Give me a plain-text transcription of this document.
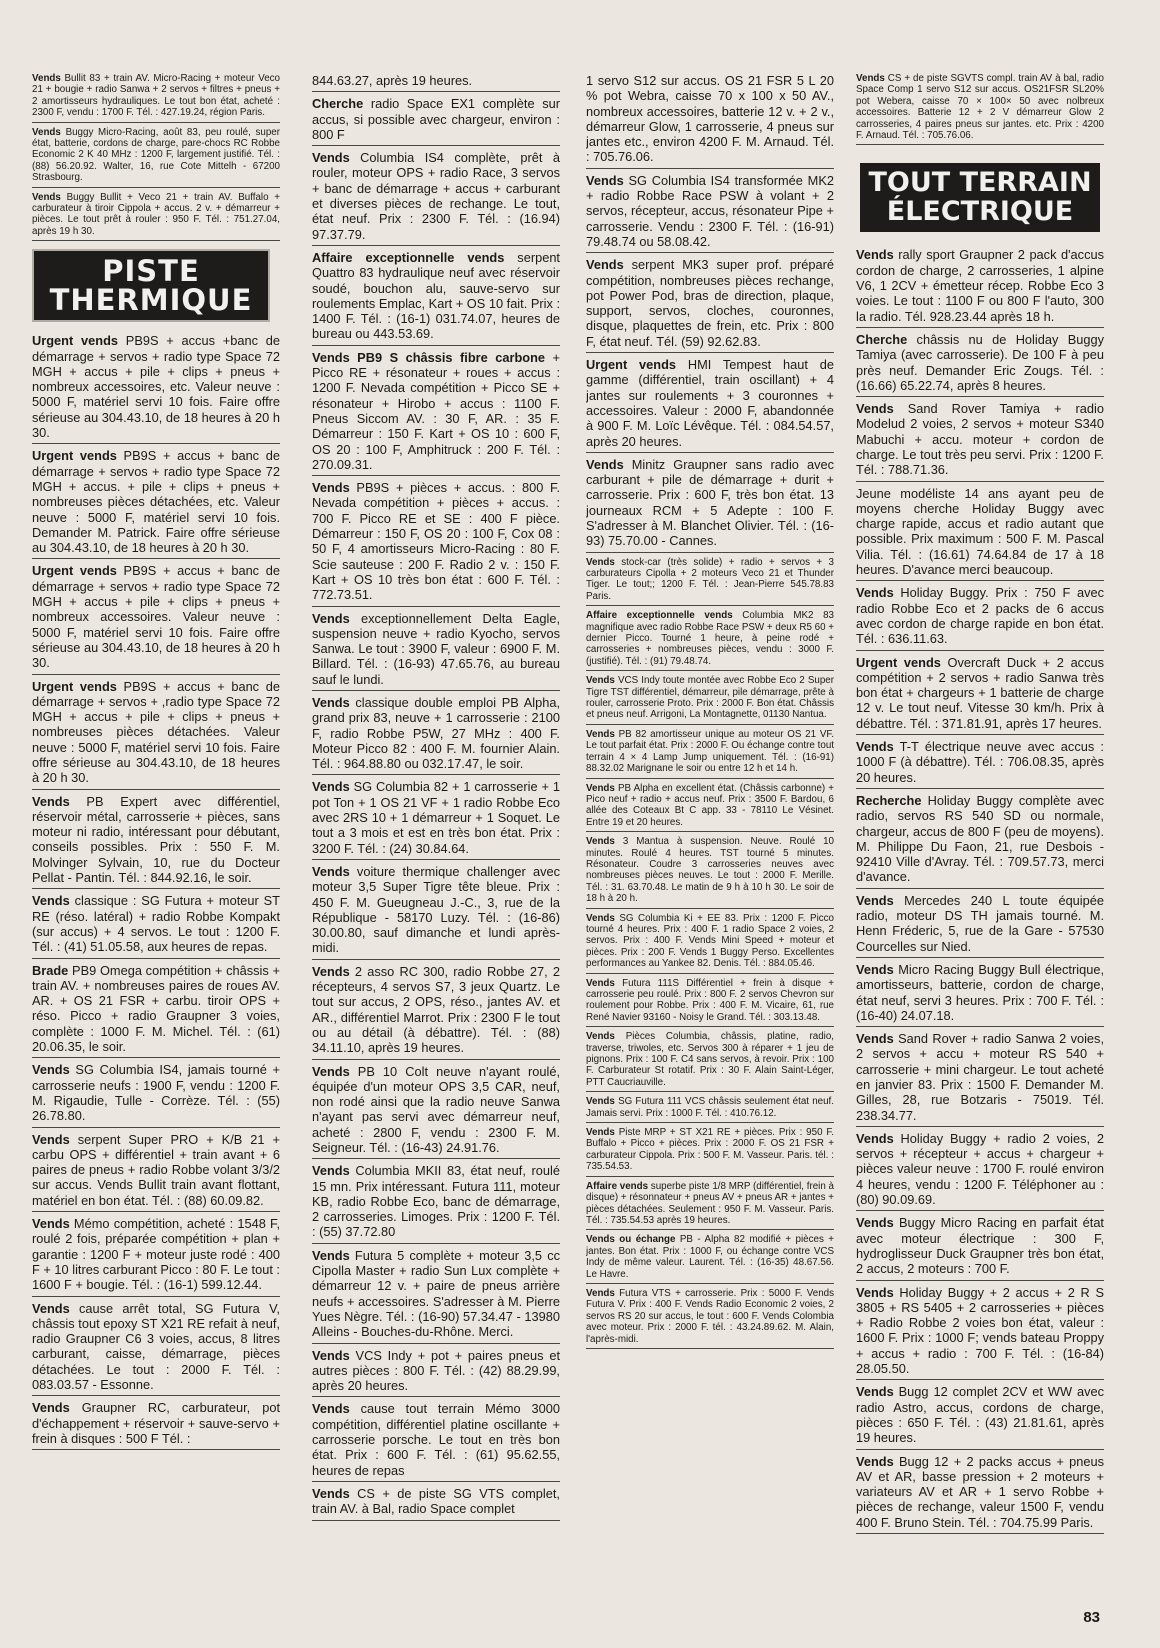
Vends Bullit 83 + train AV. Micro-Racing + moteur Veco 21 + bougie + radio Sanwa + 2 servos + filtres + pneus + 2 amortisseurs hydrauliques. Le tout bon état, acheté : 2300 F, vendu : 1700 F. Tél. : 427.19.24, région Paris.
Vends Buggy Micro-Racing, août 83, peu roulé, super état, batterie, cordons de charge, pare-chocs RC Robbe Economic 2 K 40 MHz : 1200 F, largement justifié. Tél. : (88) 56.20.92. Walter, 16, rue Cote Mittelh - 67200 Strasbourg.
Vends Buggy Bullit + Veco 21 + train AV. Buffalo + carburateur à tiroir Cippola + accus. 2 v. + démarreur + pièces. Le tout prêt à rouler : 950 F. Tél. : 751.27.04, après 19 h 30.
PISTE
THERMIQUE
Urgent vends PB9S + accus +banc de démarrage + servos + radio type Space 72 MGH + accus + pile + clips + pneus + nombreux accessoires, etc. Valeur neuve : 5000 F, matériel servi 10 fois. Faire offre sérieuse au 304.43.10, de 18 heures à 20 h 30.
Urgent vends PB9S + accus + banc de démarrage + servos + radio type Space 72 MGH + accus. + pile + clips + pneus + nombreuses pièces détachées, etc. Valeur neuve : 5000 F, matériel servi 10 fois. Demander M. Patrick. Faire offre sérieuse au 304.43.10, de 18 heures à 20 h 30.
Urgent vends PB9S + accus + banc de démarrage + servos + radio type Space 72 MGH + accus + pile + clips + pneus + nombreux accessoires. Valeur neuve : 5000 F, matériel servi 10 fois. Faire offre sérieuse au 304.43.10, de 18 heures à 20 h 30.
Urgent vends PB9S + accus + banc de démarrage + servos + ,radio type Space 72 MGH + accus + pile + clips + pneus + nombreuses pièces détachées. Valeur neuve : 5000 F, matériel servi 10 fois. Faire offre sérieuse au 304.43.10, de 18 heures à 20 h 30.
Vends PB Expert avec différentiel, réservoir métal, carrosserie + pièces, sans moteur ni radio, intéressant pour débutant, conseils possibles. Prix : 550 F. M. Molvinger Sylvain, 10, rue du Docteur Pellat - Pantin. Tél. : 844.92.16, le soir.
Vends classique : SG Futura + moteur ST RE (réso. latéral) + radio Robbe Kompakt (sur accus) + 4 servos. Le tout : 1200 F. Tél. : (41) 51.05.58, aux heures de repas.
Brade PB9 Omega compétition + châssis + train AV. + nombreuses paires de roues AV. AR. + OS 21 FSR + carbu. tiroir OPS + réso. Picco + radio Graupner 3 voies, complète : 1000 F. M. Michel. Tél. : (61) 20.06.35, le soir.
Vends SG Columbia IS4, jamais tourné + carrosserie neufs : 1900 F, vendu : 1200 F. M. Rigaudie, Tulle - Corrèze. Tél. : (55) 26.78.80.
Vends serpent Super PRO + K/B 21 + carbu OPS + différentiel + train avant + 6 paires de pneus + radio Robbe volant 3/3/2 sur accus. Vends Bullit train avant flottant, matériel en bon état. Tél. : (88) 60.09.82.
Vends Mémo compétition, acheté : 1548 F, roulé 2 fois, préparée compétition + plan + garantie : 1200 F + moteur juste rodé : 400 F + 10 litres carburant Picco : 80 F. Le tout : 1600 F + bougie. Tél. : (16-1) 599.12.44.
Vends cause arrêt total, SG Futura V, châssis tout epoxy ST X21 RE refait à neuf, radio Graupner C6 3 voies, accus, 8 litres carburant, caisse, démarrage, pièces détachées. Le tout : 2000 F. Tél. : 083.03.57 - Essonne.
Vends Graupner RC, carburateur, pot d'échappement + réservoir + sauve-servo + frein à disques : 500 F Tél. :
844.63.27, après 19 heures.
Cherche radio Space EX1 complète sur accus, si possible avec chargeur, environ : 800 F
Vends Columbia IS4 complète, prêt à rouler, moteur OPS + radio Race, 3 servos + banc de démarrage + accus + carburant et diverses pièces de rechange. Le tout, état neuf. Prix : 2300 F. Tél. : (16.94) 97.37.79.
Affaire exceptionnelle vends serpent Quattro 83 hydraulique neuf avec réservoir soudé, bouchon alu, sauve-servo sur roulements Emplac, Kart + OS 10 fait. Prix : 1400 F. Tél. : (16-1) 031.74.07, heures de bureau ou 443.53.69.
Vends PB9 S châssis fibre carbone + Picco RE + résonateur + roues + accus : 1200 F. Nevada compétition + Picco SE + résonateur + Hirobo + accus : 1100 F. Pneus Siccom AV. : 30 F, AR. : 35 F. Démarreur : 150 F. Kart + OS 10 : 600 F, OS 20 : 100 F, Amphitruck : 200 F. Tél. : 270.09.31.
Vends PB9S + pièces + accus. : 800 F. Nevada compétition + pièces + accus. : 700 F. Picco RE et SE : 400 F pièce. Démarreur : 150 F, OS 20 : 100 F, Cox 08 : 50 F, 4 amortisseurs Micro-Racing : 80 F. Scie sauteuse : 200 F. Radio 2 v. : 150 F. Kart + OS 10 très bon état : 600 F. Tél. : 772.73.51.
Vends exceptionnellement Delta Eagle, suspension neuve + radio Kyocho, servos Sanwa. Le tout : 3900 F, valeur : 6900 F. M. Billard. Tél. : (16-93) 47.65.76, au bureau sauf le lundi.
Vends classique double emploi PB Alpha, grand prix 83, neuve + 1 carrosserie : 2100 F, radio Robbe P5W, 27 MHz : 400 F. Moteur Picco 82 : 400 F. M. fournier Alain. Tél. : 964.88.80 ou 032.17.47, le soir.
Vends SG Columbia 82 + 1 carrosserie + 1 pot Ton + 1 OS 21 VF + 1 radio Robbe Eco avec 2RS 10 + 1 démarreur + 1 Soquet. Le tout a 3 mois et est en très bon état. Prix : 3200 F. Tél. : (24) 30.84.64.
Vends voiture thermique challenger avec moteur 3,5 Super Tigre tête bleue. Prix : 450 F. M. Gueugneau J.-C., 3, rue de la République - 58170 Luzy. Tél. : (16-86) 30.00.80, sauf dimanche et lundi après-midi.
Vends 2 asso RC 300, radio Robbe 27, 2 récepteurs, 4 servos S7, 3 jeux Quartz. Le tout sur accus, 2 OPS, réso., jantes AV. et AR., différentiel Marrot. Prix : 2300 F le tout ou au détail (à débattre). Tél. : (88) 34.11.10, après 19 heures.
Vends PB 10 Colt neuve n'ayant roulé, équipée d'un moteur OPS 3,5 CAR, neuf, non rodé ainsi que la radio neuve Sanwa n'ayant pas servi avec démarreur neuf, acheté : 2800 F, vendu : 2300 F. M. Seigneur. Tél. : (16-43) 24.91.76.
Vends Columbia MKII 83, état neuf, roulé 15 mn. Prix intéressant. Futura 111, moteur KB, radio Robbe Eco, banc de démarrage, 2 carrosseries. Limoges. Prix : 1200 F. Tél. : (55) 37.72.80
Vends Futura 5 complète + moteur 3,5 cc Cipolla Master + radio Sun Lux complète + démarreur 12 v. + paire de pneus arrière neufs + accessoires. S'adresser à M. Pierre Yues Nègre. Tél. : (16-90) 57.34.47 - 13980 Alleins - Bouches-du-Rhône. Merci.
Vends VCS Indy + pot + paires pneus et autres pièces : 800 F. Tél. : (42) 88.29.99, après 20 heures.
Vends cause tout terrain Mémo 3000 compétition, différentiel platine oscillante + carrosserie porsche. Le tout en très bon état. Prix : 600 F. Tél. : (61) 95.62.55, heures de repas
Vends CS + de piste SG VTS complet, train AV. à Bal, radio Space complet
1 servo S12 sur accus. OS 21 FSR 5 L 20 % pot Webra, caisse 70 x 100 x 50 AV., nombreux accessoires, batterie 12 v. + 2 v., démarreur Glow, 1 carrosserie, 4 pneus sur jantes etc., environ 4200 F. M. Arnaud. Tél. : 705.76.06.
Vends SG Columbia IS4 transformée MK2 + radio Robbe Race PSW à volant + 2 servos, récepteur, accus, résonateur Pipe + carrosserie. Vendu : 2300 F. Tél. : (16-91) 79.48.74 ou 58.08.42.
Vends serpent MK3 super prof. préparé compétition, nombreuses pièces rechange, pot Power Pod, bras de direction, plaque, support, servos, cloches, couronnes, disque, plaquettes de frein, etc. Prix : 800 F, état neuf. Tél. (59) 92.62.83.
Urgent vends HMI Tempest haut de gamme (différentiel, train oscillant) + 4 jantes sur roulements + 3 couronnes + accessoires. Valeur : 2000 F, abandonnée à 900 F. M. Loïc Lévêque. Tél. : 084.54.57, après 20 heures.
Vends Minitz Graupner sans radio avec carburant + pile de démarrage + durit + carrosserie. Prix : 600 F, très bon état. 13 journeaux RCM + 5 Adepte : 100 F. S'adresser à M. Blanchet Olivier. Tél. : (16-93) 75.70.00 - Cannes.
Vends stock-car (très solide) + radio + servos + 3 carburateurs Cipolla + 2 moteurs Veco 21 et Thunder Tiger. Le tout;; 1200 F. Tél. : Jean-Pierre 545.78.83 Paris.
Affaire exceptionnelle vends Columbia MK2 83 magnifique avec radio Robbe Race PSW + deux R5 60 + dernier Picco. Tourné 1 heure, à peine rodé + carrosseries + nombreuses pièces, vendu : 3000 F. (justifié). Tél. : (91) 79.48.74.
Vends VCS Indy toute montée avec Robbe Eco 2 Super Tigre TST différentiel, démarreur, pile démarrage, prête à rouler, carrosserie Proto. Prix : 2000 F. Bon état. Châssis et pneus neuf. Arrigoni, La Montagnette, 01130 Nantua.
Vends PB 82 amortisseur unique au moteur OS 21 VF. Le tout parfait état. Prix : 2000 F. Ou échange contre tout terrain 4 × 4 Lamp Jump uniquement. Tél. : (16-91) 88.32.02 Marignane le soir ou entre 12 h et 14 h.
Vends PB Alpha en excellent état. (Châssis carbonne) + Pico neuf + radio + accus neuf. Prix : 3500 F. Bardou, 6 allée des Coteaux Bt C app. 33 - 78110 Le Vésinet. Entre 19 et 20 heures.
Vends 3 Mantua à suspension. Neuve. Roulé 10 minutes. Roulé 4 heures. TST tourné 5 minutes. Résonateur. Coudre 3 carrosseries neuves avec nombreuses pièces neuves. Le tout : 2000 F. Merille. Tél. : 31. 63.70.48. Le matin de 9 h à 10 h 30. Le soir de 18 h à 20 h.
Vends SG Columbia Ki + EE 83. Prix : 1200 F. Picco tourné 4 heures. Prix : 400 F. 1 radio Space 2 voies, 2 servos. Prix : 400 F. Vends Mini Speed + moteur et pièces. Prix : 200 F. Vends 1 Buggy Perso. Excellentes performances au Yankee 82. Denis. Tél. : 884.05.46.
Vends Futura 111S Différentiel + frein à disque + carrosserie peu roulé. Prix : 800 F. 2 servos Chevron sur roulement pour Robbe. Prix : 400 F. M. Vicaire, 61, rue René Navier 93160 - Noisy le Grand. Tél. : 303.13.48.
Vends Pièces Columbia, châssis, platine, radio, traverse, triwoles, etc. Servos 300 à réparer + 1 jeu de pignons. Prix : 100 F. C4 sans servos, à revoir. Prix : 100 F. Carburateur St rotatif. Prix : 30 F. Alain Saint-Léger, PTT Caucriauville.
Vends SG Futura 111 VCS châssis seulement état neuf. Jamais servi. Prix : 1000 F. Tél. : 410.76.12.
Vends Piste MRP + ST X21 RE + pièces. Prix : 950 F. Buffalo + Picco + pièces. Prix : 2000 F. OS 21 FSR + carburateur Cippola. Prix : 500 F. M. Vasseur. Paris. tél. : 735.54.53.
Affaire vends superbe piste 1/8 MRP (différentiel, frein à disque) + résonnateur + pneus AV + pneus AR + jantes + pièces détachées. Seulement : 950 F. M. Vasseur. Paris. Tél. : 735.54.53 après 19 heures.
Vends ou échange PB - Alpha 82 modifié + pièces + jantes. Bon état. Prix : 1000 F, ou échange contre VCS Indy de même valeur. Laurent. Tél. : (16-35) 48.67.56. Le Havre.
Vends Futura VTS + carrosserie. Prix : 5000 F. Vends Futura V. Prix : 400 F. Vends Radio Economic 2 voies, 2 servos RS 20 sur accus, le tout : 600 F. Vends Colombia avec moteur. Prix : 2000 F. tél. : 43.24.89.62. M. Alain, l'après-midi.
Vends CS + de piste SGVTS compl. train AV à bal, radio Space Comp 1 servo S12 sur accus. OS21FSR SL20% pot Webera, caisse 70 × 100× 50 avec nolbreux accessoires. Batterie 12 + 2 V démarreur Glow 2 carrosseries, 4 paires pneus sur jantes. etc. Prix : 4200 F. Arnaud. Tél. : 705.76.06.
TOUT TERRAIN
ÉLECTRIQUE
Vends rally sport Graupner 2 pack d'accus cordon de charge, 2 carrosseries, 1 alpine V6, 1 2CV + émetteur récep. Robbe Eco 3 voies. Le tout : 1100 F ou 800 F l'auto, 300 la radio. Tél. 928.23.44 après 18 h.
Cherche châssis nu de Holiday Buggy Tamiya (avec carrosserie). De 100 F à peu près neuf. Demander Eric Zougs. Tél. : (16.66) 65.22.74, après 8 heures.
Vends Sand Rover Tamiya + radio Modelud 2 voies, 2 servos + moteur S340 Mabuchi + accu. moteur + cordon de charge. Le tout très peu servi. Prix : 1200 F. Tél. : 788.71.36.
Jeune modéliste 14 ans ayant peu de moyens cherche Holiday Buggy avec charge rapide, accus et radio autant que possible. Prix maximum : 500 F. M. Pascal Vilia. Tél. : (16.61) 74.64.84 de 17 à 18 heures. D'avance merci beaucoup.
Vends Holiday Buggy. Prix : 750 F avec radio Robbe Eco et 2 packs de 6 accus avec cordon de charge rapide en bon état. Tél. : 636.11.63.
Urgent vends Overcraft Duck + 2 accus compétition + 2 servos + radio Sanwa très bon état + chargeurs + 1 batterie de charge 12 v. Le tout neuf. Vitesse 30 km/h. Prix à débattre. Tél. : 371.81.91, après 17 heures.
Vends T-T électrique neuve avec accus : 1000 F (à débattre). Tél. : 706.08.35, après 20 heures.
Recherche Holiday Buggy complète avec radio, servos RS 540 SD ou normale, chargeur, accus de 800 F (peu de moyens). M. Philippe Du Faon, 21, rue Desbois - 92410 Ville d'Avray. Tél. : 709.57.73, merci d'avance.
Vends Mercedes 240 L toute équipée radio, moteur DS TH jamais tourné. M. Henn Fréderic, 5, rue de la Gare - 57530 Courcelles sur Nied.
Vends Micro Racing Buggy Bull électrique, amortisseurs, batterie, cordon de charge, état neuf, servi 3 heures. Prix : 700 F. Tél. : (16-40) 24.07.18.
Vends Sand Rover + radio Sanwa 2 voies, 2 servos + accu + moteur RS 540 + carrosserie + mini chargeur. Le tout acheté en janvier 83. Prix : 1500 F. Demander M. Gilles, 28, rue Botzaris - 75019. Tél. 238.34.77.
Vends Holiday Buggy + radio 2 voies, 2 servos + récepteur + accus + chargeur + pièces valeur neuve : 1700 F. roulé environ 4 heures, vendu : 1200 F. Téléphoner au : (80) 90.09.69.
Vends Buggy Micro Racing en parfait état avec moteur électrique : 300 F, hydroglisseur Duck Graupner très bon état, 2 accus, 2 moteurs : 700 F.
Vends Holiday Buggy + 2 accus + 2 R S 3805 + RS 5405 + 2 carrosseries + pièces + Radio Robbe 2 voies bon état, valeur : 1600 F. Prix : 1000 F; vends bateau Proppy + accus + radio : 700 F. Tél. : (16-84) 28.05.50.
Vends Bugg 12 complet 2CV et WW avec radio Astro, accus, cordons de charge, pièces : 650 F. Tél. : (43) 21.81.61, après 19 heures.
Vends Bugg 12 + 2 packs accus + pneus AV et AR, basse pression + 2 moteurs + variateurs AV et AR + 1 servo Robbe + pièces de rechange, valeur 1500 F, vendu 400 F. Bruno Stein. Tél. : 704.75.99 Paris.
83
